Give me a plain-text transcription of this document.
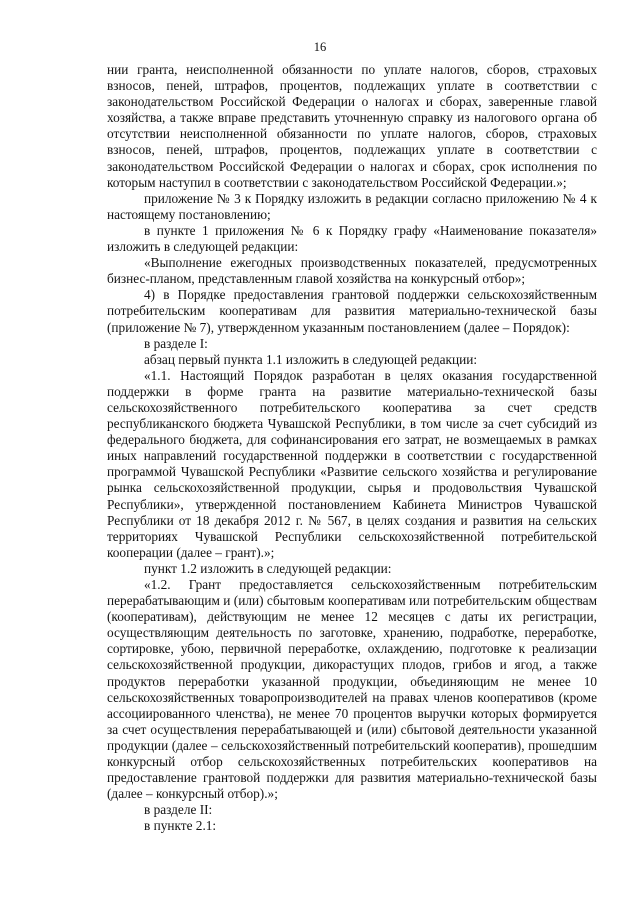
16

нии гранта, неисполненной обязанности по уплате налогов, сборов, страховых взносов, пеней, штрафов, процентов, подлежащих уплате в соответствии с законодательством Российской Федерации о налогах и сборах, заверенные главой хозяйства, а также вправе представить уточненную справку из налогового органа об отсутствии неисполненной обязанности по уплате налогов, сборов, страховых взносов, пеней, штрафов, процентов, подлежащих уплате в соответствии с законодательством Российской Федерации о налогах и сборах, срок исполнения по которым наступил в соответствии с законодательством Российской Федерации.»;

приложение № 3 к Порядку изложить в редакции согласно приложению № 4 к настоящему постановлению;

в пункте 1 приложения № 6 к Порядку графу «Наименование показателя» изложить в следующей редакции:

«Выполнение ежегодных производственных показателей, предусмотренных бизнес-планом, представленным главой хозяйства на конкурсный отбор»;

4) в Порядке предоставления грантовой поддержки сельскохозяйственным потребительским кооперативам для развития материально-технической базы (приложение № 7), утвержденном указанным постановлением (далее – Порядок):

в разделе I:

абзац первый пункта 1.1 изложить в следующей редакции:

«1.1. Настоящий Порядок разработан в целях оказания государственной поддержки в форме гранта на развитие материально-технической базы сельскохозяйственного потребительского кооператива за счет средств республиканского бюджета Чувашской Республики, в том числе за счет субсидий из федерального бюджета, для софинансирования его затрат, не возмещаемых в рамках иных направлений государственной поддержки в соответствии с государственной программой Чувашской Республики «Развитие сельского хозяйства и регулирование рынка сельскохозяйственной продукции, сырья и продовольствия Чувашской Республики», утвержденной постановлением Кабинета Министров Чувашской Республики от 18 декабря 2012 г. № 567, в целях создания и развития на сельских территориях Чувашской Республики сельскохозяйственной потребительской кооперации (далее – грант).»;

пункт 1.2 изложить в следующей редакции:

«1.2. Грант предоставляется сельскохозяйственным потребительским перерабатывающим и (или) сбытовым кооперативам или потребительским обществам (кооперативам), действующим не менее 12 месяцев с даты их регистрации, осуществляющим деятельность по заготовке, хранению, подработке, переработке, сортировке, убою, первичной переработке, охлаждению, подготовке к реализации сельскохозяйственной продукции, дикорастущих плодов, грибов и ягод, а также продуктов переработки указанной продукции, объединяющим не менее 10 сельскохозяйственных товаропроизводителей на правах членов кооперативов (кроме ассоциированного членства), не менее 70 процентов выручки которых формируется за счет осуществления перерабатывающей и (или) сбытовой деятельности указанной продукции (далее – сельскохозяйственный потребительский кооператив), прошедшим конкурсный отбор сельскохозяйственных потребительских кооперативов на предоставление грантовой поддержки для развития материально-технической базы (далее – конкурсный отбор).»;

в разделе II:

в пункте 2.1:
